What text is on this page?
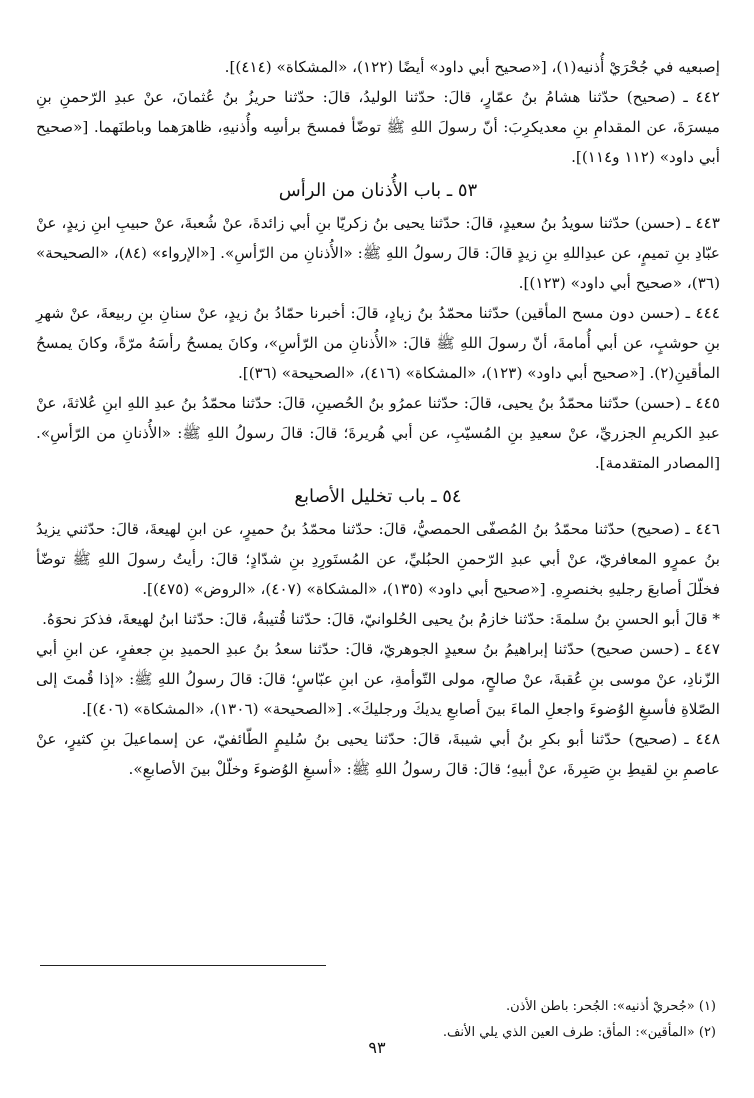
إصبعيه في جُحْرَيْ أُذنيه(١)، [«صحيح أبي داود» أيضًا (١٢٢)، «المشكاة» (٤١٤)].

٤٤٢ ـ (صحيح) حدّثنا هشامُ بنُ عمّارٍ، قالَ: حدّثنا الوليدُ، قالَ: حدّثنا حريزُ بنُ عُثمانَ، عنْ عبدِ الرّحمنِ بنِ ميسرَةَ، عن المقدامِ بنِ معديكرِبَ: أنّ رسولَ اللهِ ﷺ توضّأ فمسحَ برأسِه وأُذنيهِ، ظاهرَهما وباطنَهما. [«صحيح أبي داود» (١١٢ و١١٤)].

٥٣ ـ باب الأُذنان من الرأس

٤٤٣ ـ (حسن) حدّثنا سويدُ بنُ سعيدٍ، قالَ: حدّثنا يحيى بنُ زكريّا بنِ أبي زائدةَ، عنْ شُعبةَ، عنْ حبيبِ ابنِ زيدٍ، عنْ عبّادِ بنِ تميمٍ، عن عبدِاللهِ بنِ زيدٍ قالَ: قالَ رسولُ اللهِ ﷺ: «الأُذنانِ من الرّأسِ». [«الإرواء» (٨٤)، «الصحيحة» (٣٦)، «صحيح أبي داود» (١٢٣)].

٤٤٤ ـ (حسن دون مسح المأقين) حدّثنا محمّدُ بنُ زيادٍ، قالَ: أخبرنا حمّادُ بنُ زيدٍ، عنْ سنانِ بنِ ربيعةَ، عنْ شهرِ بنِ حوشبٍ، عن أبي أُمامةَ، أنّ رسولَ اللهِ ﷺ قالَ: «الأُذنانِ من الرّأسِ»، وكانَ يمسحُ رأسَهُ مرّةً، وكانَ يمسحُ المأقينِ(٢). [«صحيح أبي داود» (١٢٣)، «المشكاة» (٤١٦)، «الصحيحة» (٣٦)].

٤٤٥ ـ (حسن) حدّثنا محمّدُ بنُ يحيى، قالَ: حدّثنا عمرُو بنُ الحُصينِ، قالَ: حدّثنا محمّدُ بنُ عبدِ اللهِ ابنِ عُلاثةَ، عنْ عبدِ الكريمِ الجزريِّ، عنْ سعيدِ بنِ المُسيّبِ، عن أبي هُريرةَ؛ قالَ: قالَ رسولُ اللهِ ﷺ: «الأُذنانِ من الرّأسِ». [المصادر المتقدمة].

٥٤ ـ باب تخليل الأصابع

٤٤٦ ـ (صحيح) حدّثنا محمّدُ بنُ المُصفّى الحمصيُّ، قالَ: حدّثنا محمّدُ بنُ حميرٍ، عن ابنِ لهيعةَ، قالَ: حدّثني يزيدُ بنُ عمرٍو المعافريّ، عنْ أبي عبدِ الرّحمنِ الحبُليِّ، عن المُستَورِدِ بنِ شدّادٍ؛ قالَ: رأيتُ رسولَ اللهِ ﷺ توضّأ فخلّلَ أصابعَ رجليهِ بخنصرِهِ. [«صحيح أبي داود» (١٣٥)، «المشكاة» (٤٠٧)، «الروض» (٤٧٥)].

* قالَ أبو الحسنِ بنُ سلمةَ: حدّثنا خازمُ بنُ يحيى الحُلوانيّ، قالَ: حدّثنا قُتيبةُ، قالَ: حدّثنا ابنُ لهيعةَ، فذكرَ نحوَهُ.

٤٤٧ ـ (حسن صحيح) حدّثنا إبراهيمُ بنُ سعيدٍ الجوهريّ، قالَ: حدّثنا سعدُ بنُ عبدِ الحميدِ بنِ جعفرٍ، عن ابنِ أبي الزّنادِ، عنْ موسى بنِ عُقبةَ، عنْ صالحٍ، مولى التّوأمةِ، عن ابنِ عبّاسٍ؛ قالَ: قالَ رسولُ اللهِ ﷺ: «إذا قُمتَ إلى الصّلاةِ فأسبغِ الوُضوءَ واجعلِ الماءَ بينَ أصابعِ يديكَ ورجليكَ». [«الصحيحة» (١٣٠٦)، «المشكاة» (٤٠٦)].

٤٤٨ ـ (صحيح) حدّثنا أبو بكرِ بنُ أبي شيبةَ، قالَ: حدّثنا يحيى بنُ سُليمٍ الطّائفيّ، عن إسماعيلَ بنِ كثيرٍ، عنْ عاصمِ بنِ لقيطِ بنِ صَبِرةَ، عنْ أبيهِ؛ قالَ: قالَ رسولُ اللهِ ﷺ: «أسبغِ الوُضوءَ وخلّلْ بينَ الأصابعِ».

(١) «جُحريْ أذنيه»: الجُحر: باطن الأذن.
(٢) «المأقين»: المأق: طرف العين الذي يلي الأنف.
٩٣
